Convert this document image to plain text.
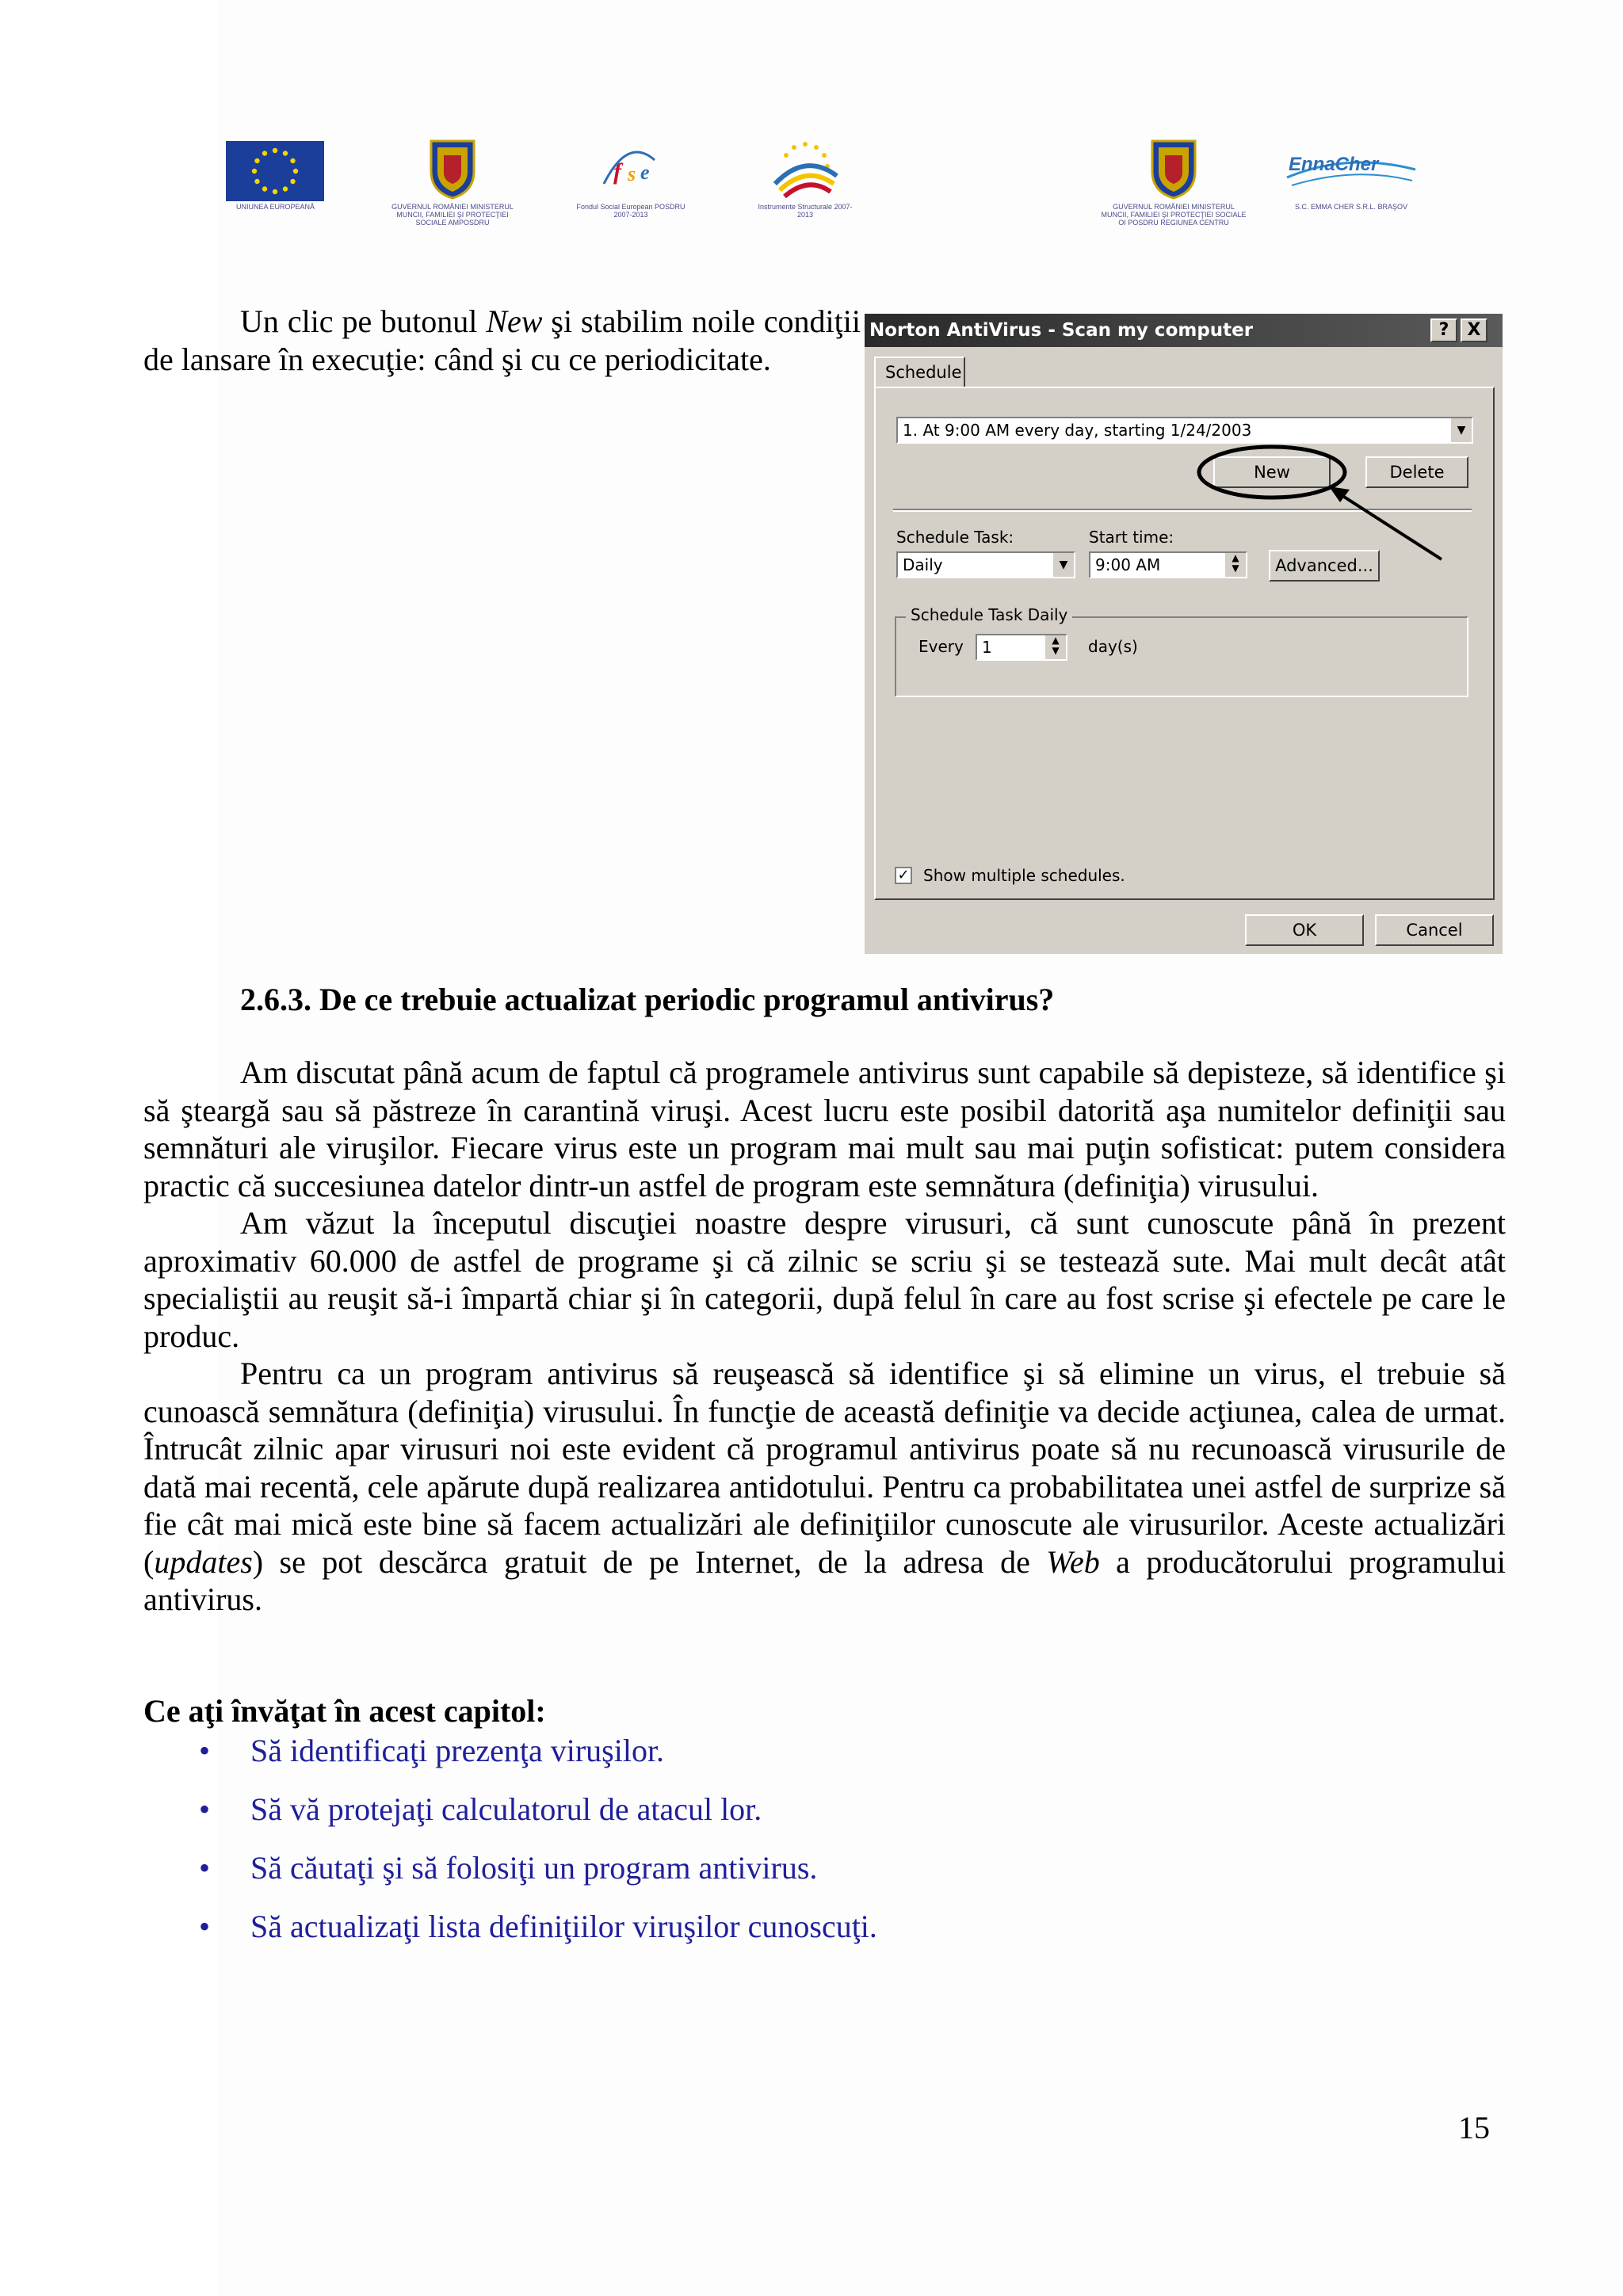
UNIUNEA EUROPEANĂ	GUVERNUL ROMÂNIEI MINISTERUL MUNCII, FAMILIEI ŞI PROTECŢIEI SOCIALE AMPOSDRU
f s e
Fondul Social European POSDRU 2007-2013
Instrumente Structurale 2007-2013
GUVERNUL ROMÂNIEI MINISTERUL MUNCII, FAMILIEI ŞI PROTECŢIEI SOCIALE OI POSDRU REGIUNEA CENTRU
EnnaCher
S.C. EMMA CHER S.R.L. BRAŞOV

Un clic pe butonul New şi stabilim noile condiţii de lansare în execuţie: când şi cu ce periodicitate.

Norton AntiVirus - Scan my computer	?	X
Schedule
1. At 9:00 AM every day, starting 1/24/2003	▼
New	Delete
Schedule Task:	Start time:
Daily	▼	9:00 AM	▲
▼	Advanced...
Schedule Task Daily
Every	1	▲
▼	day(s)
✓ Show multiple schedules.
OK	Cancel
2.6.3. De ce trebuie actualizat periodic programul antivirus?

Am discutat până acum de faptul că programele antivirus sunt capabile să depisteze, să identifice şi să şteargă sau să păstreze în carantină viruşi. Acest lucru este posibil datorită aşa numitelor definiţii sau semnături ale viruşilor. Fiecare virus este un program mai mult sau mai puţin sofisticat: putem considera practic că succesiunea datelor dintr-un astfel de program este semnătura (definiţia) virusului.

Am văzut la începutul discuţiei noastre despre virusuri, că sunt cunoscute până în prezent aproximativ 60.000 de astfel de programe şi că zilnic se scriu şi se testează sute. Mai mult decât atât specialiştii au reuşit să-i împartă chiar şi în categorii, după felul în care au fost scrise şi efectele pe care le produc.

Pentru ca un program antivirus să reuşească să identifice şi să elimine un virus, el trebuie să cunoască semnătura (definiţia) virusului. În funcţie de această definiţie va decide acţiunea, calea de urmat. Întrucât zilnic apar virusuri noi este evident că programul antivirus poate să nu recunoască virusurile de dată mai recentă, cele apărute după realizarea antidotului. Pentru ca probabilitatea unei astfel de surprize să fie cât mai mică este bine să facem actualizări ale definiţiilor cunoscute ale virusurilor. Aceste actualizări (updates) se pot descărca gratuit de pe Internet, de la adresa de Web a producătorului programului antivirus.

Ce aţi învăţat în acest capitol:
• Să identificaţi prezenţa viruşilor.
• Să vă protejaţi calculatorul de atacul lor.
• Să căutaţi şi să folosiţi un program antivirus.
• Să actualizaţi lista definiţiilor viruşilor cunoscuţi.
15
